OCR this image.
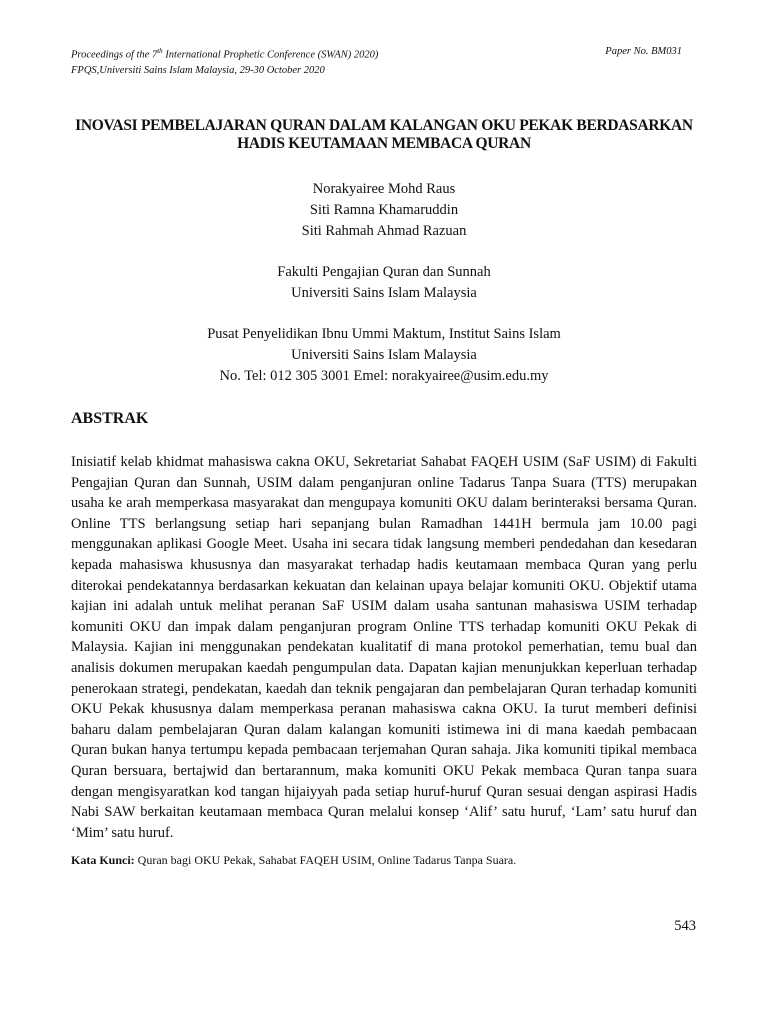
Proceedings of the 7th International Prophetic Conference (SWAN) 2020)	Paper No. BM031
FPQS,Universiti Sains Islam Malaysia, 29-30 October 2020
INOVASI PEMBELAJARAN QURAN DALAM KALANGAN OKU PEKAK BERDASARKAN
HADIS KEUTAMAAN MEMBACA QURAN
Norakyairee Mohd Raus
Siti Ramna Khamaruddin
Siti Rahmah Ahmad Razuan
Fakulti Pengajian Quran dan Sunnah
Universiti Sains Islam Malaysia
Pusat Penyelidikan Ibnu Ummi Maktum, Institut Sains Islam
Universiti Sains Islam Malaysia
No. Tel: 012 305 3001 Emel: norakyairee@usim.edu.my
ABSTRAK
Inisiatif kelab khidmat mahasiswa cakna OKU, Sekretariat Sahabat FAQEH USIM (SaF USIM) di Fakulti Pengajian Quran dan Sunnah, USIM dalam penganjuran online Tadarus Tanpa Suara (TTS) merupakan usaha ke arah memperkasa masyarakat dan mengupaya komuniti OKU dalam berinteraksi bersama Quran. Online TTS berlangsung setiap hari sepanjang bulan Ramadhan 1441H bermula jam 10.00 pagi menggunakan aplikasi Google Meet. Usaha ini secara tidak langsung memberi pendedahan dan kesedaran kepada mahasiswa khususnya dan masyarakat terhadap hadis keutamaan membaca Quran yang perlu diterokai pendekatannya berdasarkan kekuatan dan kelainan upaya belajar komuniti OKU. Objektif utama kajian ini adalah untuk melihat peranan SaF USIM dalam usaha santunan mahasiswa USIM terhadap komuniti OKU dan impak dalam penganjuran program Online TTS terhadap komuniti OKU Pekak di Malaysia. Kajian ini menggunakan pendekatan kualitatif di mana protokol pemerhatian, temu bual dan analisis dokumen merupakan kaedah pengumpulan data. Dapatan kajian menunjukkan keperluan terhadap penerokaan strategi, pendekatan, kaedah dan teknik pengajaran dan pembelajaran Quran terhadap komuniti OKU Pekak khususnya dalam memperkasa peranan mahasiswa cakna OKU. Ia turut memberi definisi baharu dalam pembelajaran Quran dalam kalangan komuniti istimewa ini di mana kaedah pembacaan Quran bukan hanya tertumpu kepada pembacaan terjemahan Quran sahaja. Jika komuniti tipikal membaca Quran bersuara, bertajwid dan bertarannum, maka komuniti OKU Pekak membaca Quran tanpa suara dengan mengisyaratkan kod tangan hijaiyyah pada setiap huruf-huruf Quran sesuai dengan aspirasi Hadis Nabi SAW berkaitan keutamaan membaca Quran melalui konsep ‘Alif’ satu huruf, ‘Lam’ satu huruf dan ‘Mim’ satu huruf.
Kata Kunci: Quran bagi OKU Pekak, Sahabat FAQEH USIM, Online Tadarus Tanpa Suara.
543
